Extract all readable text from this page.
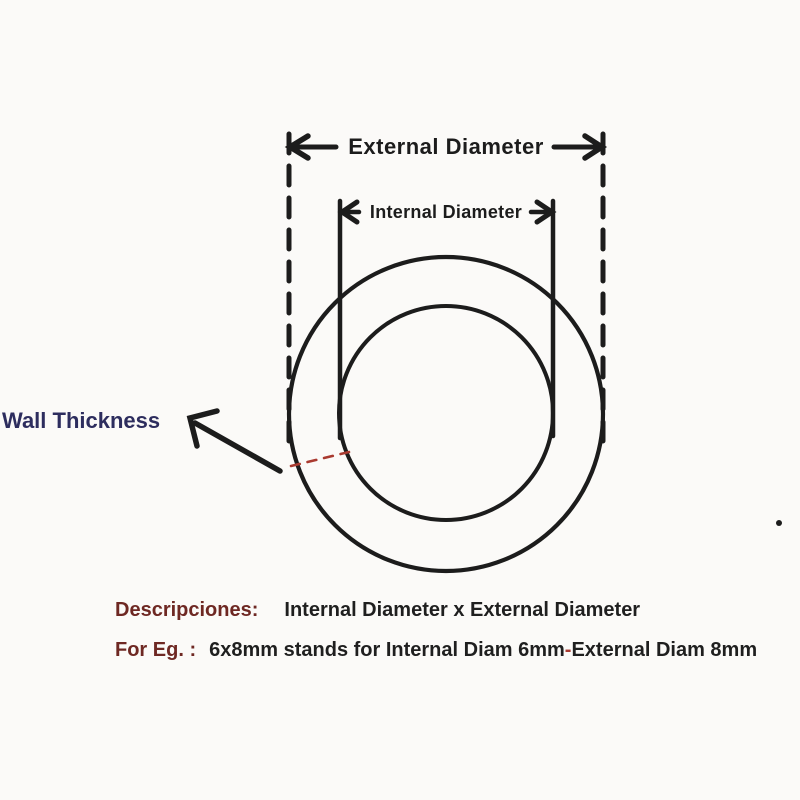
External Diameter
Internal Diameter
Wall Thickness
Descripciones: Internal Diameter x External Diameter
For Eg. : 6x8mm stands for Internal Diam 6mm - External Diam 8mm
